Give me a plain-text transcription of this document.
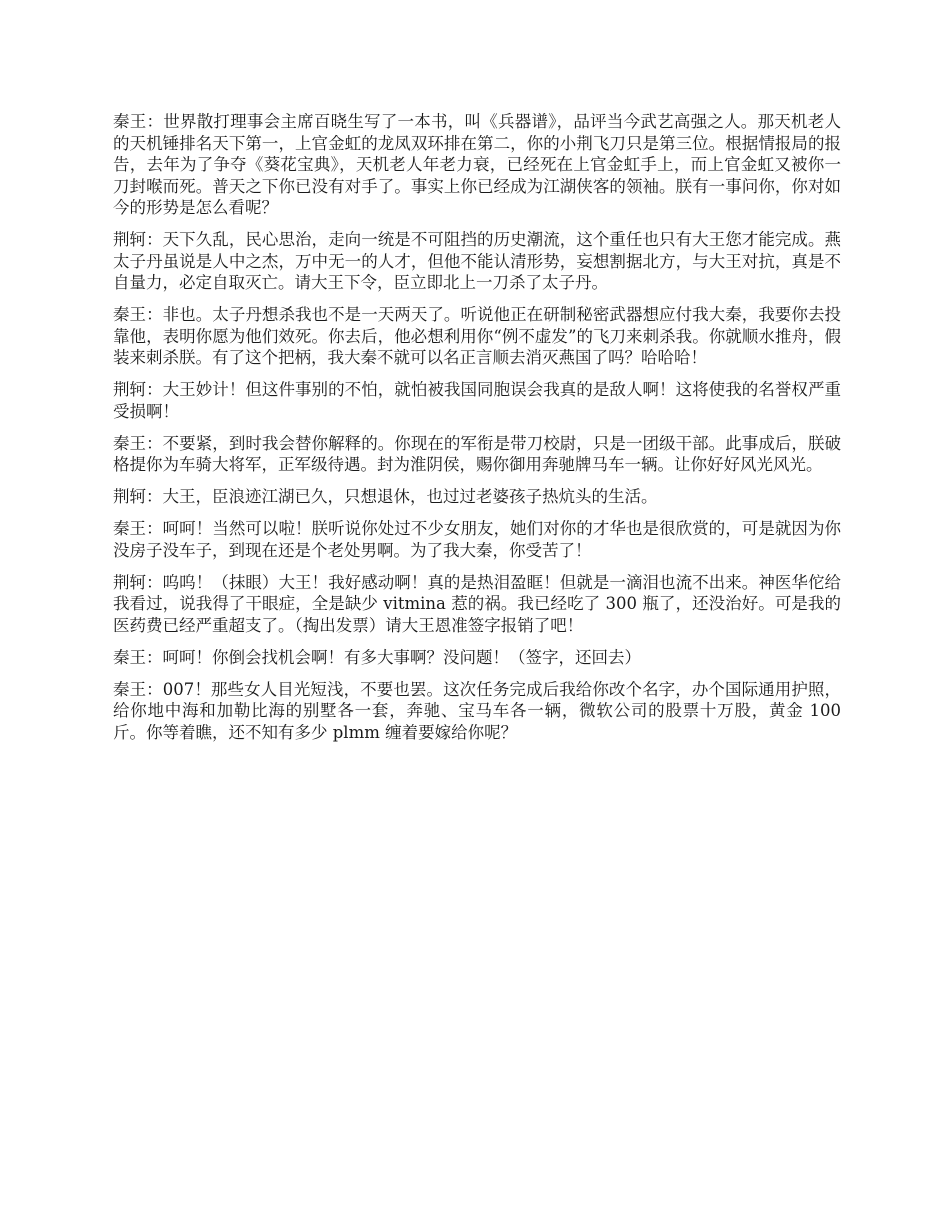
秦王：世界散打理事会主席百晓生写了一本书，叫《兵器谱》，品评当今武艺高强之人。那天机老人的天机锤排名天下第一，上官金虹的龙凤双环排在第二，你的小荆飞刀只是第三位。根据情报局的报告，去年为了争夺《葵花宝典》，天机老人年老力衰，已经死在上官金虹手上，而上官金虹又被你一刀封喉而死。普天之下你已没有对手了。事实上你已经成为江湖侠客的领袖。朕有一事问你，你对如今的形势是怎么看呢？

荆轲：天下久乱，民心思治，走向一统是不可阻挡的历史潮流，这个重任也只有大王您才能完成。燕太子丹虽说是人中之杰，万中无一的人才，但他不能认清形势，妄想割据北方，与大王对抗，真是不自量力，必定自取灭亡。请大王下令，臣立即北上一刀杀了太子丹。

秦王：非也。太子丹想杀我也不是一天两天了。听说他正在研制秘密武器想应付我大秦，我要你去投靠他，表明你愿为他们效死。你去后，他必想利用你“例不虚发”的飞刀来刺杀我。你就顺水推舟，假装来刺杀朕。有了这个把柄，我大秦不就可以名正言顺去消灭燕国了吗？哈哈哈！

荆轲：大王妙计！但这件事别的不怕，就怕被我国同胞误会我真的是敌人啊！这将使我的名誉权严重受损啊！

秦王：不要紧，到时我会替你解释的。你现在的军衔是带刀校尉，只是一团级干部。此事成后，朕破格提你为车骑大将军，正军级待遇。封为淮阴侯，赐你御用奔驰牌马车一辆。让你好好风光风光。

荆轲：大王，臣浪迹江湖已久，只想退休，也过过老婆孩子热炕头的生活。

秦王：呵呵！当然可以啦！朕听说你处过不少女朋友，她们对你的才华也是很欣赏的，可是就因为你没房子没车子，到现在还是个老处男啊。为了我大秦，你受苦了！

荆轲：呜呜！（抹眼）大王！我好感动啊！真的是热泪盈眶！但就是一滴泪也流不出来。神医华佗给我看过，说我得了干眼症，全是缺少 vitmina 惹的祸。我已经吃了 300 瓶了，还没治好。可是我的医药费已经严重超支了。（掏出发票）请大王恩准签字报销了吧！

秦王：呵呵！你倒会找机会啊！有多大事啊？没问题！（签字，还回去）

秦王：007！那些女人目光短浅，不要也罢。这次任务完成后我给你改个名字，办个国际通用护照，给你地中海和加勒比海的别墅各一套，奔驰、宝马车各一辆，微软公司的股票十万股，黄金 100 斤。你等着瞧，还不知有多少 plmm 缠着要嫁给你呢？
